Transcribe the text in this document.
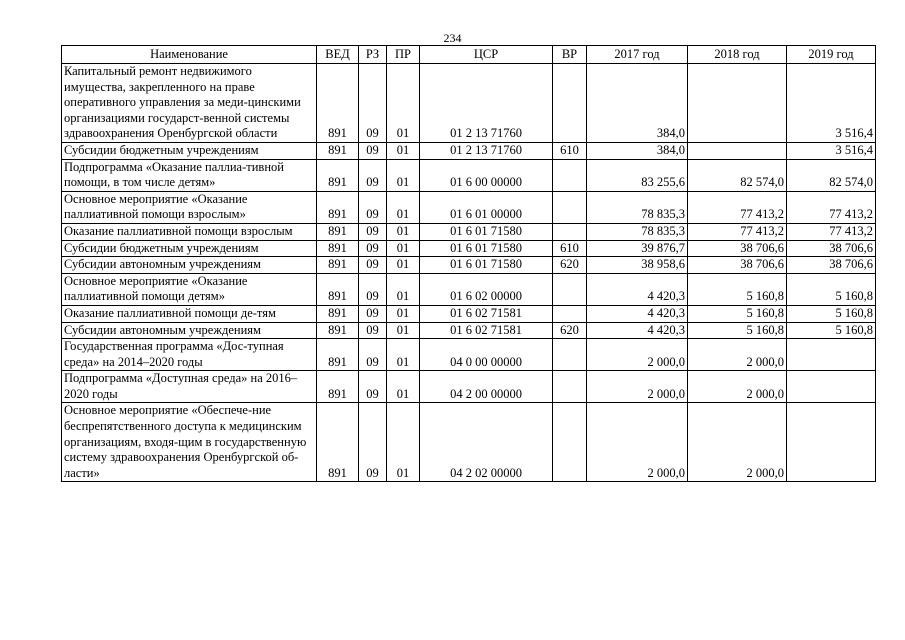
234
Наименование	ВЕД	РЗ	ПР	ЦСР	ВР	2017 год	2018 год	2019 год
Капитальный ремонт недвижимого имущества, закрепленного на праве оперативного управления за меди-цинскими организациями государст-венной системы здравоохранения Оренбургской области	891	09	01	01 2 13 71760		384,0		3 516,4
Субсидии бюджетным учреждениям	891	09	01	01 2 13 71760	610	384,0		3 516,4
Подпрограмма «Оказание паллиа-тивной помощи, в том числе детям»	891	09	01	01 6 00 00000		83 255,6	82 574,0	82 574,0
Основное мероприятие «Оказание паллиативной помощи взрослым»	891	09	01	01 6 01 00000		78 835,3	77 413,2	77 413,2
Оказание паллиативной помощи взрослым	891	09	01	01 6 01 71580		78 835,3	77 413,2	77 413,2
Субсидии бюджетным учреждениям	891	09	01	01 6 01 71580	610	39 876,7	38 706,6	38 706,6
Субсидии автономным учреждениям	891	09	01	01 6 01 71580	620	38 958,6	38 706,6	38 706,6
Основное мероприятие «Оказание паллиативной помощи детям»	891	09	01	01 6 02 00000		4 420,3	5 160,8	5 160,8
Оказание паллиативной помощи де-тям	891	09	01	01 6 02 71581		4 420,3	5 160,8	5 160,8
Субсидии автономным учреждениям	891	09	01	01 6 02 71581	620	4 420,3	5 160,8	5 160,8
Государственная программа «Дос-тупная среда» на 2014–2020 годы	891	09	01	04 0 00 00000		2 000,0	2 000,0	
Подпрограмма «Доступная среда» на 2016–2020 годы	891	09	01	04 2 00 00000		2 000,0	2 000,0	
Основное мероприятие «Обеспече-ние беспрепятственного доступа к медицинским организациям, входя-щим в государственную систему здравоохранения Оренбургской об-ласти»	891	09	01	04 2 02 00000		2 000,0	2 000,0	
